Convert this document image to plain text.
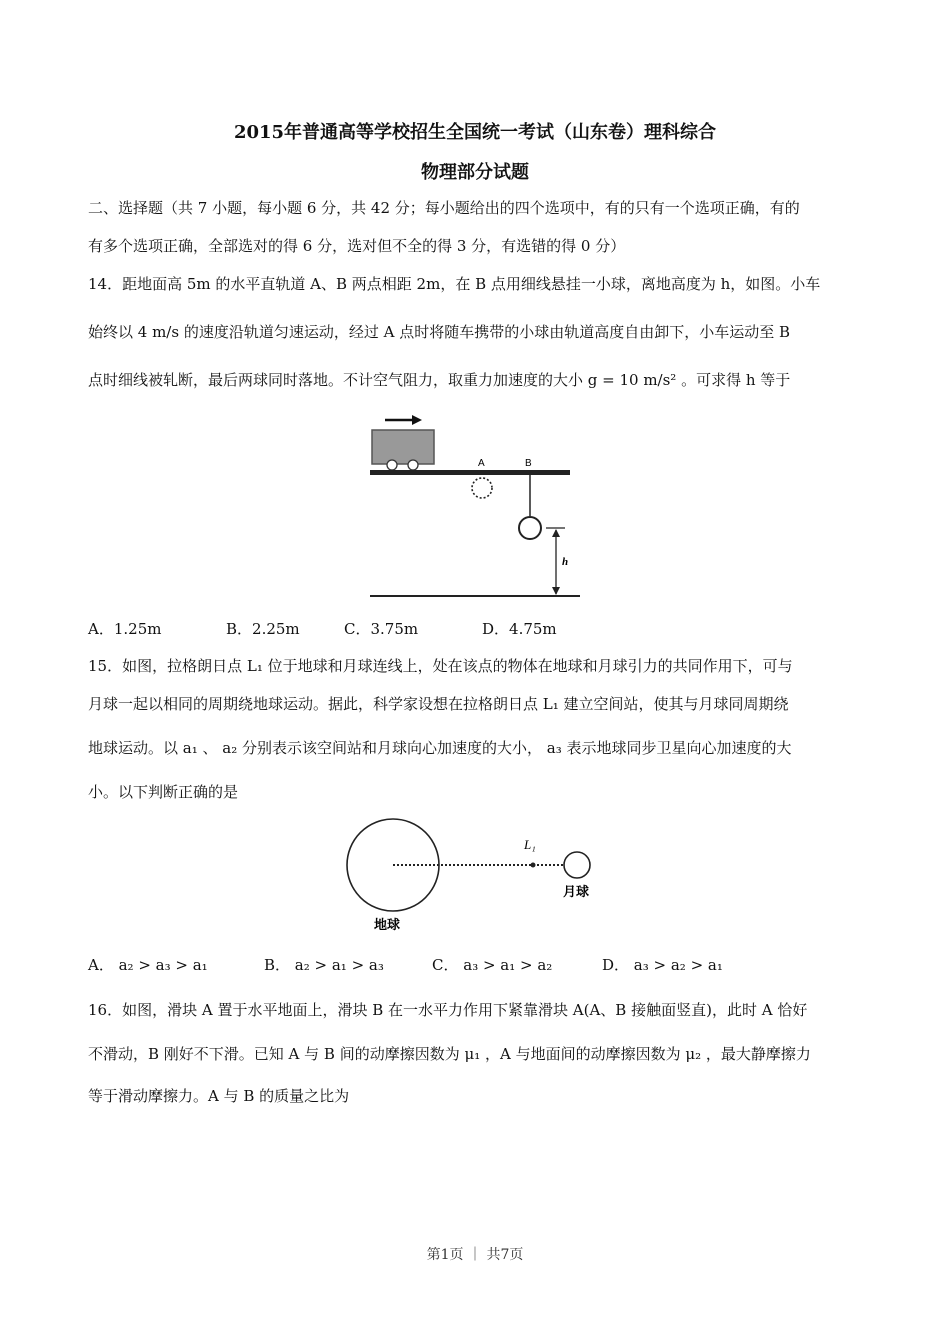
2015年普通高等学校招生全国统一考试（山东卷）理科综合
物理部分试题
二、选择题（共 7 小题，每小题 6 分，共 42 分；每小题给出的四个选项中，有的只有一个选项正确，有的
有多个选项正确，全部选对的得 6 分，选对但不全的得 3 分，有选错的得 0 分）
14．距地面高 5m 的水平直轨道 A、B 两点相距 2m，在 B 点用细线悬挂一小球，离地高度为 h，如图。小车
始终以 4 m/s 的速度沿轨道匀速运动，经过 A 点时将随车携带的小球由轨道高度自由卸下，小车运动至 B
点时细线被轧断，最后两球同时落地。不计空气阻力，取重力加速度的大小 g = 10 m/s² 。可求得 h 等于
A	B
h
A．1.25m	B．2.25m	C．3.75m	D．4.75m
15．如图，拉格朗日点 L₁ 位于地球和月球连线上，处在该点的物体在地球和月球引力的共同作用下，可与
月球一起以相同的周期绕地球运动。据此，科学家设想在拉格朗日点 L₁ 建立空间站，使其与月球同周期绕
地球运动。以 a₁ 、 a₂ 分别表示该空间站和月球向心加速度的大小， a₃ 表示地球同步卫星向心加速度的大
小。以下判断正确的是
L₁
月球
地球
A． a₂ > a₃ > a₁	B． a₂ > a₁ > a₃	C． a₃ > a₁ > a₂	D． a₃ > a₂ > a₁
16．如图，滑块 A 置于水平地面上，滑块 B 在一水平力作用下紧靠滑块 A(A、B 接触面竖直)，此时 A 恰好
不滑动，B 刚好不下滑。已知 A 与 B 间的动摩擦因数为 μ₁ ，A 与地面间的动摩擦因数为 μ₂ ，最大静摩擦力
等于滑动摩擦力。A 与 B 的质量之比为
第1页 ｜ 共7页
